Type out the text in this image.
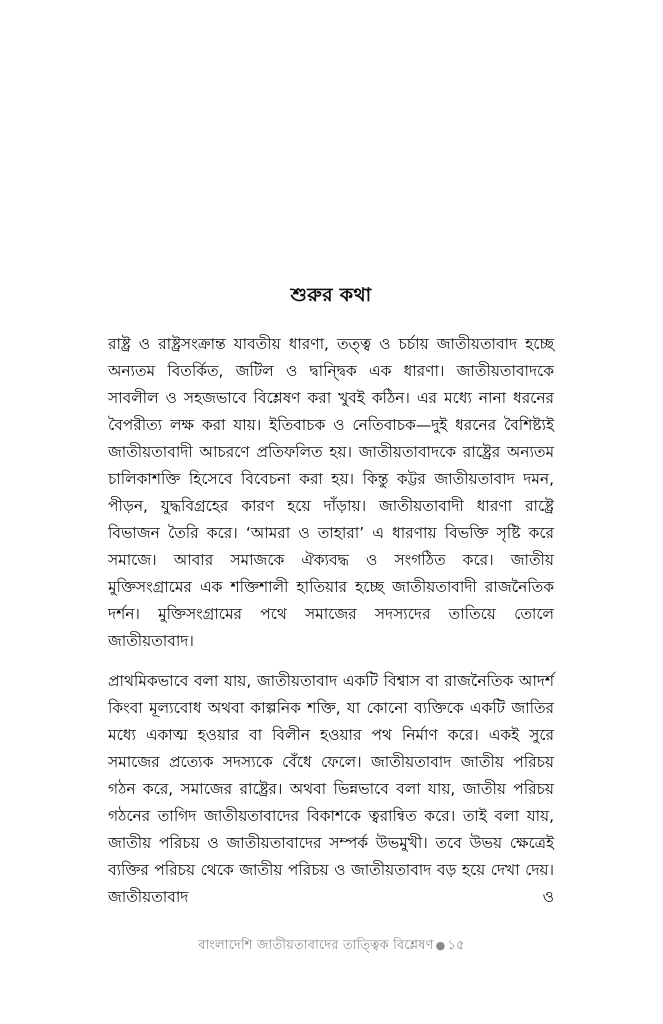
শুরুর কথা

রাষ্ট্র ও রাষ্ট্রসংক্রান্ত যাবতীয় ধারণা, তত্ত্ব ও চর্চায় জাতীয়তাবাদ হচ্ছে অন্যতম বিতর্কিত, জটিল ও দ্বান্দ্বিক এক ধারণা। জাতীয়তাবাদকে সাবলীল ও সহজভাবে বিশ্লেষণ করা খুবই কঠিন। এর মধ্যে নানা ধরনের বৈপরীত্য লক্ষ করা যায়। ইতিবাচক ও নেতিবাচক—দুই ধরনের বৈশিষ্ট্যই জাতীয়তাবাদী আচরণে প্রতিফলিত হয়। জাতীয়তাবাদকে রাষ্ট্রের অন্যতম চালিকাশক্তি হিসেবে বিবেচনা করা হয়। কিন্তু কট্টর জাতীয়তাবাদ দমন, পীড়ন, যুদ্ধবিগ্রহের কারণ হয়ে দাঁড়ায়। জাতীয়তাবাদী ধারণা রাষ্ট্রে বিভাজন তৈরি করে। ‘আমরা ও তাহারা’ এ ধারণায় বিভক্তি সৃষ্টি করে সমাজে। আবার সমাজকে ঐক্যবদ্ধ ও সংগঠিত করে। জাতীয় মুক্তিসংগ্রামের এক শক্তিশালী হাতিয়ার হচ্ছে জাতীয়তাবাদী রাজনৈতিক দর্শন। মুক্তিসংগ্রামের পথে সমাজের সদস্যদের তাতিয়ে তোলে জাতীয়তাবাদ।

প্রাথমিকভাবে বলা যায়, জাতীয়তাবাদ একটি বিশ্বাস বা রাজনৈতিক আদর্শ কিংবা মূল্যবোধ অথবা কাল্পনিক শক্তি, যা কোনো ব্যক্তিকে একটি জাতির মধ্যে একাত্ম হওয়ার বা বিলীন হওয়ার পথ নির্মাণ করে। একই সুরে সমাজের প্রত্যেক সদস্যকে বেঁধে ফেলে। জাতীয়তাবাদ জাতীয় পরিচয় গঠন করে, সমাজের রাষ্ট্রের। অথবা ভিন্নভাবে বলা যায়, জাতীয় পরিচয় গঠনের তাগিদ জাতীয়তাবাদের বিকাশকে ত্বরান্বিত করে। তাই বলা যায়, জাতীয় পরিচয় ও জাতীয়তাবাদের সম্পর্ক উভমুখী। তবে উভয় ক্ষেত্রেই ব্যক্তির পরিচয় থেকে জাতীয় পরিচয় ও জাতীয়তাবাদ বড় হয়ে দেখা দেয়। জাতীয়তাবাদ ও

বাংলাদেশি জাতীয়তাবাদের তাত্ত্বিক বিশ্লেষণ ● ১৫
